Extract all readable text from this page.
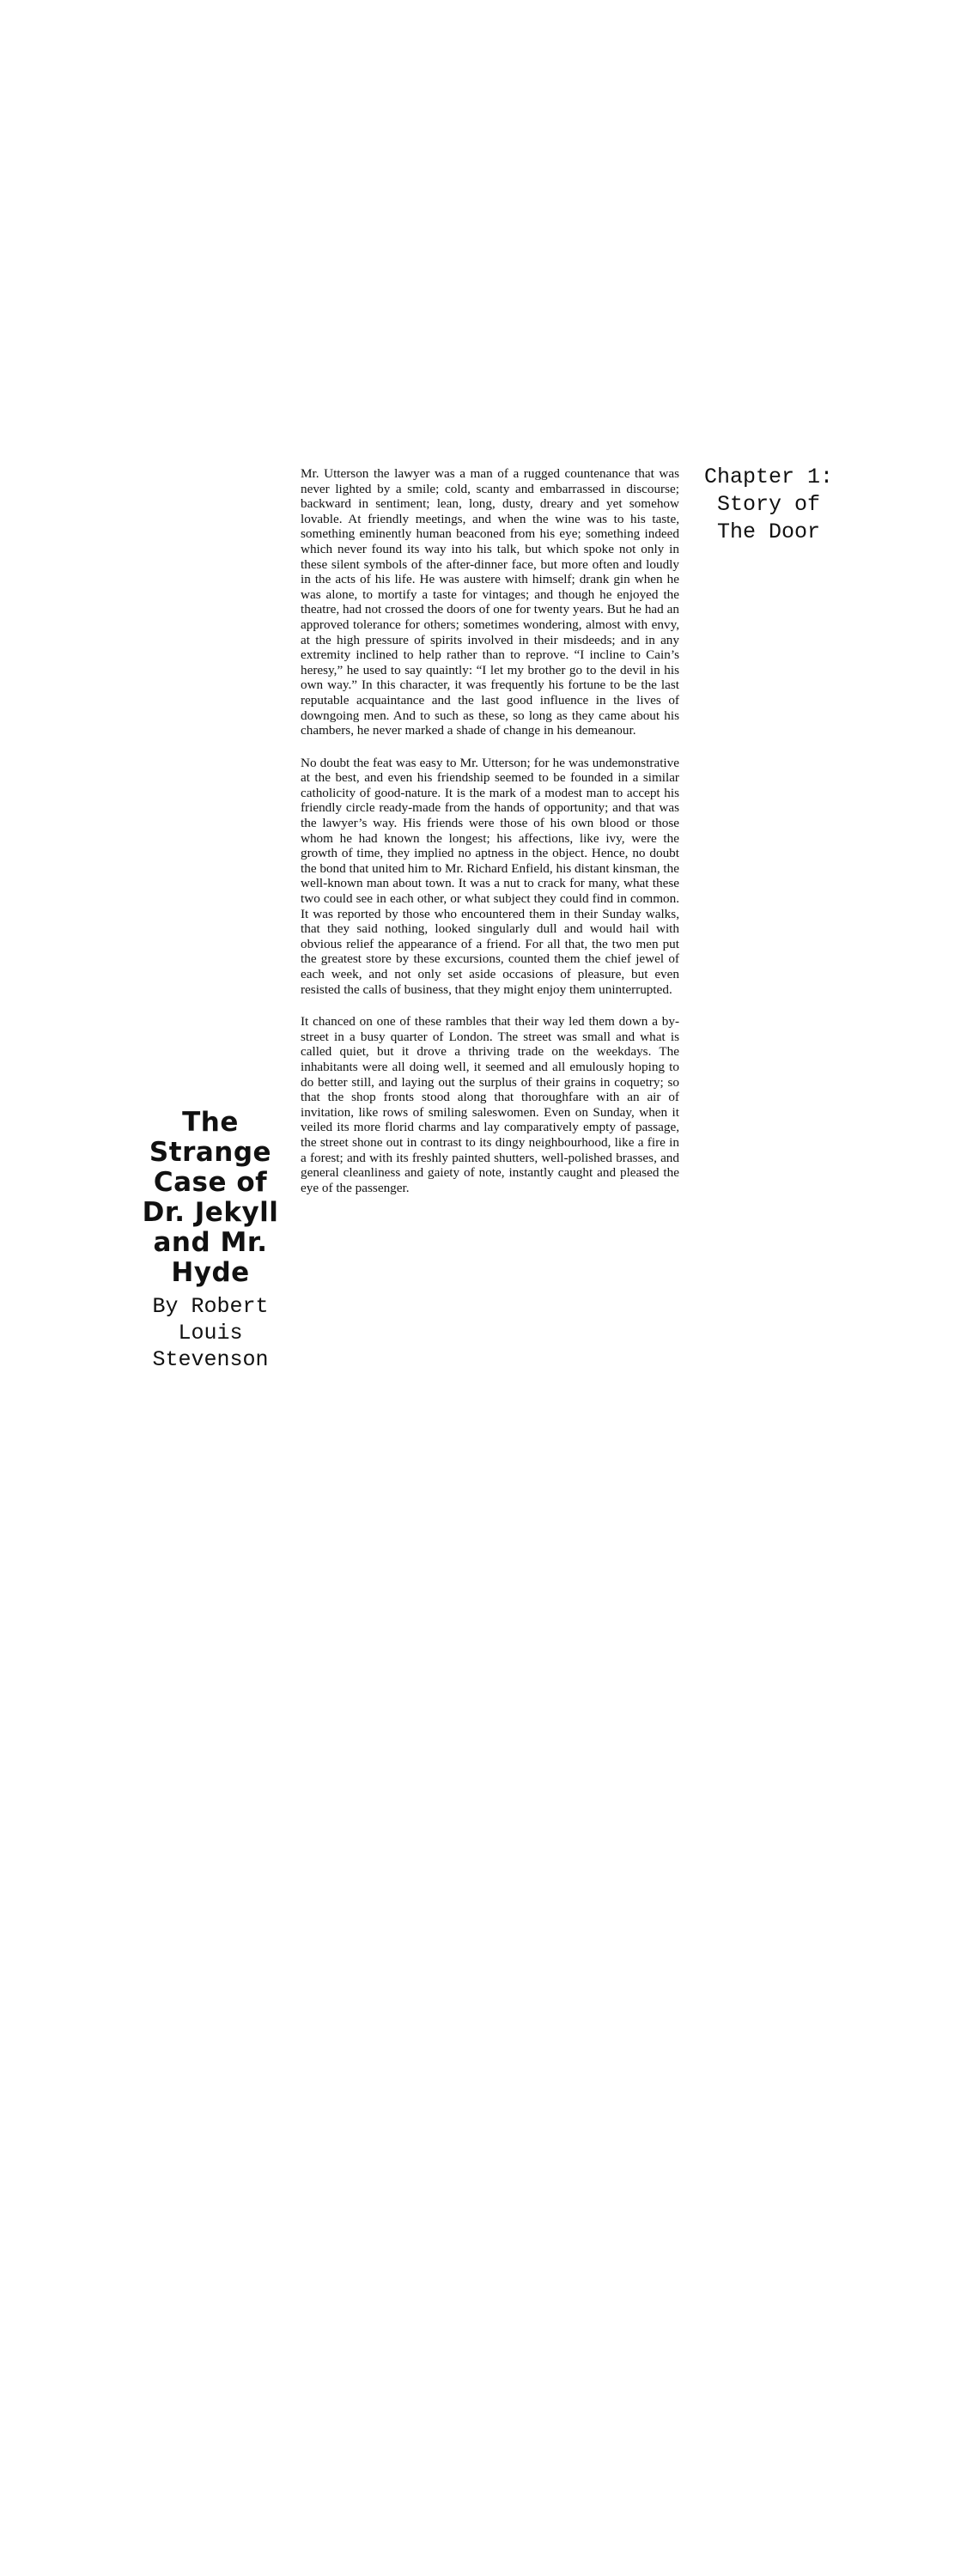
The Strange Case of Dr. Jekyll and Mr. Hyde

By Robert Louis Stevenson

Mr. Utterson the lawyer was a man of a rugged countenance that was never lighted by a smile; cold, scanty and embarrassed in discourse; backward in sentiment; lean, long, dusty, dreary and yet somehow lovable. At friendly meetings, and when the wine was to his taste, something eminently human beaconed from his eye; something indeed which never found its way into his talk, but which spoke not only in these silent symbols of the after-dinner face, but more often and loudly in the acts of his life. He was austere with himself; drank gin when he was alone, to mortify a taste for vintages; and though he enjoyed the theatre, had not crossed the doors of one for twenty years. But he had an approved tolerance for others; sometimes wondering, almost with envy, at the high pressure of spirits involved in their misdeeds; and in any extremity inclined to help rather than to reprove. “I incline to Cain’s heresy,” he used to say quaintly: “I let my brother go to the devil in his own way.” In this character, it was frequently his fortune to be the last reputable acquaintance and the last good influence in the lives of downgoing men. And to such as these, so long as they came about his chambers, he never marked a shade of change in his demeanour.

No doubt the feat was easy to Mr. Utterson; for he was undemonstrative at the best, and even his friendship seemed to be founded in a similar catholicity of good-nature. It is the mark of a modest man to accept his friendly circle ready-made from the hands of opportunity; and that was the lawyer’s way. His friends were those of his own blood or those whom he had known the longest; his affections, like ivy, were the growth of time, they implied no aptness in the object. Hence, no doubt the bond that united him to Mr. Richard Enfield, his distant kinsman, the well-known man about town. It was a nut to crack for many, what these two could see in each other, or what subject they could find in common. It was reported by those who encountered them in their Sunday walks, that they said nothing, looked singularly dull and would hail with obvious relief the appearance of a friend. For all that, the two men put the greatest store by these excursions, counted them the chief jewel of each week, and not only set aside occasions of pleasure, but even resisted the calls of business, that they might enjoy them uninterrupted.

It chanced on one of these rambles that their way led them down a by-street in a busy quarter of London. The street was small and what is called quiet, but it drove a thriving trade on the weekdays. The inhabitants were all doing well, it seemed and all emulously hoping to do better still, and laying out the surplus of their grains in coquetry; so that the shop fronts stood along that thoroughfare with an air of invitation, like rows of smiling saleswomen. Even on Sunday, when it veiled its more florid charms and lay comparatively empty of passage, the street shone out in contrast to its dingy neighbourhood, like a fire in a forest; and with its freshly painted shutters, well-polished brasses, and general cleanliness and gaiety of note, instantly caught and pleased the eye of the passenger.

Chapter 1: Story of The Door
